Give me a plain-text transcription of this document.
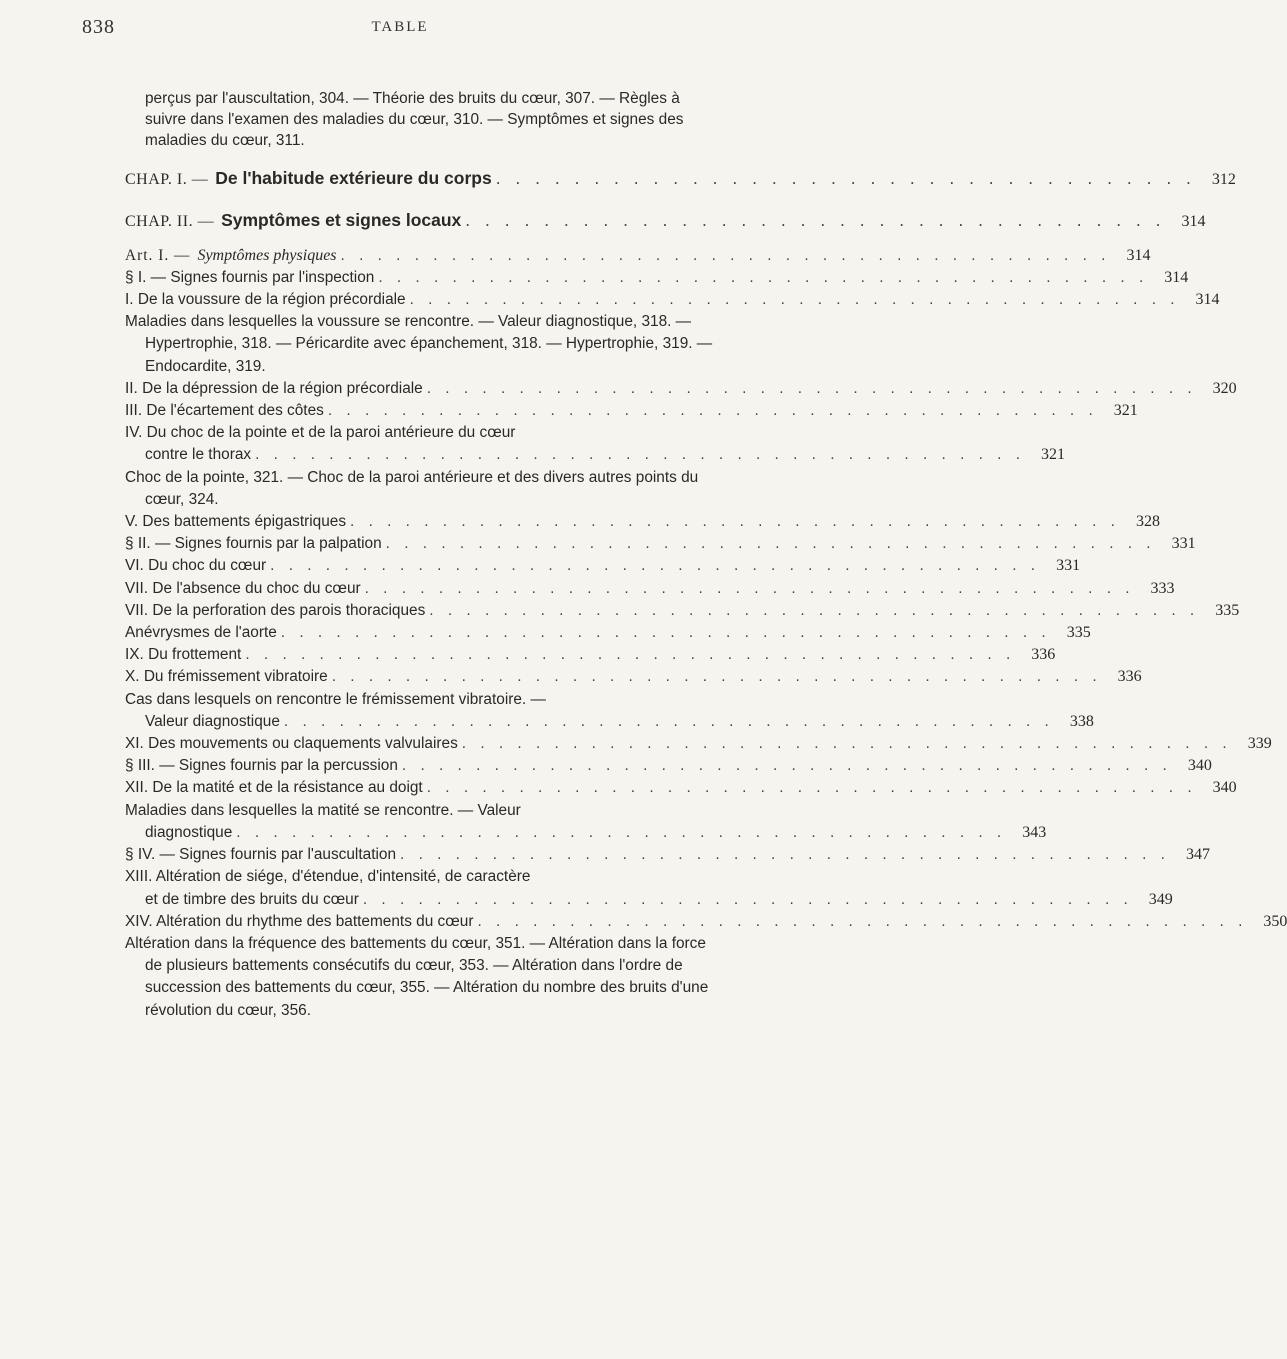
838	TABLE

perçus par l'auscultation, 304. — Théorie des bruits du cœur, 307. — Règles à suivre dans l'examen des maladies du cœur, 310. — Symptômes et signes des maladies du cœur, 311.

CHAP. I. — De l'habitude extérieure du corps . . . . . . . . . . . . . . . . . . . . . . . . . . . . . . . . . . . .	312
CHAP. II. — Symptômes et signes locaux . . . . . . . . . . . . . . . . . . . . . . . . . . . . . . . . . . . .	314
Art. I. — Symptômes physiques . . . . . . . . . . . . . . . . . . . . . . . . . . . . . . . . . . . . . . . . . .	314
§ I. — Signes fournis par l'inspection . . . . . . . . . . . . . . . . . . . . . . . . . . . . . . . . . . . . . . . . . .	314
I. De la voussure de la région précordiale . . . . . . . . . . . . . . . . . . . . . . . . . . . . . . . . . . . . . . . . . .	314

Maladies dans lesquelles la voussure se rencontre. — Valeur diagnostique, 318. — Hypertrophie, 318. — Péricardite avec épanchement, 318. — Hypertrophie, 319. — Endocardite, 319.

II. De la dépression de la région précordiale . . . . . . . . . . . . . . . . . . . . . . . . . . . . . . . . . . . . . . . . . .	320
III. De l'écartement des côtes . . . . . . . . . . . . . . . . . . . . . . . . . . . . . . . . . . . . . . . . . .	321
IV. Du choc de la pointe et de la paroi antérieure du cœur
contre le thorax . . . . . . . . . . . . . . . . . . . . . . . . . . . . . . . . . . . . . . . . . .	321

Choc de la pointe, 321. — Choc de la paroi antérieure et des divers autres points du cœur, 324.

V. Des battements épigastriques . . . . . . . . . . . . . . . . . . . . . . . . . . . . . . . . . . . . . . . . . .	328
§ II. — Signes fournis par la palpation . . . . . . . . . . . . . . . . . . . . . . . . . . . . . . . . . . . . . . . . . .	331
VI. Du choc du cœur . . . . . . . . . . . . . . . . . . . . . . . . . . . . . . . . . . . . . . . . . .	331
VII. De l'absence du choc du cœur . . . . . . . . . . . . . . . . . . . . . . . . . . . . . . . . . . . . . . . . . .	333
VII. De la perforation des parois thoraciques . . . . . . . . . . . . . . . . . . . . . . . . . . . . . . . . . . . . . . . . . .	335
Anévrysmes de l'aorte . . . . . . . . . . . . . . . . . . . . . . . . . . . . . . . . . . . . . . . . . .	335
IX. Du frottement . . . . . . . . . . . . . . . . . . . . . . . . . . . . . . . . . . . . . . . . . .	336
X. Du frémissement vibratoire . . . . . . . . . . . . . . . . . . . . . . . . . . . . . . . . . . . . . . . . . .	336
Cas dans lesquels on rencontre le frémissement vibratoire. —
Valeur diagnostique . . . . . . . . . . . . . . . . . . . . . . . . . . . . . . . . . . . . . . . . . .	338
XI. Des mouvements ou claquements valvulaires . . . . . . . . . . . . . . . . . . . . . . . . . . . . . . . . . . . . . . . . . .	339
§ III. — Signes fournis par la percussion . . . . . . . . . . . . . . . . . . . . . . . . . . . . . . . . . . . . . . . . . .	340
XII. De la matité et de la résistance au doigt . . . . . . . . . . . . . . . . . . . . . . . . . . . . . . . . . . . . . . . . . .	340
Maladies dans lesquelles la matité se rencontre. — Valeur
diagnostique . . . . . . . . . . . . . . . . . . . . . . . . . . . . . . . . . . . . . . . . . .	343
§ IV. — Signes fournis par l'auscultation . . . . . . . . . . . . . . . . . . . . . . . . . . . . . . . . . . . . . . . . . .	347
XIII. Altération de siége, d'étendue, d'intensité, de caractère
et de timbre des bruits du cœur . . . . . . . . . . . . . . . . . . . . . . . . . . . . . . . . . . . . . . . . . .	349
XIV. Altération du rhythme des battements du cœur . . . . . . . . . . . . . . . . . . . . . . . . . . . . . . . . . . . . . . . . . .	350

Altération dans la fréquence des battements du cœur, 351. — Altération dans la force de plusieurs battements consécutifs du cœur, 353. — Altération dans l'ordre de succession des battements du cœur, 355. — Altération du nombre des bruits d'une révolution du cœur, 356.
